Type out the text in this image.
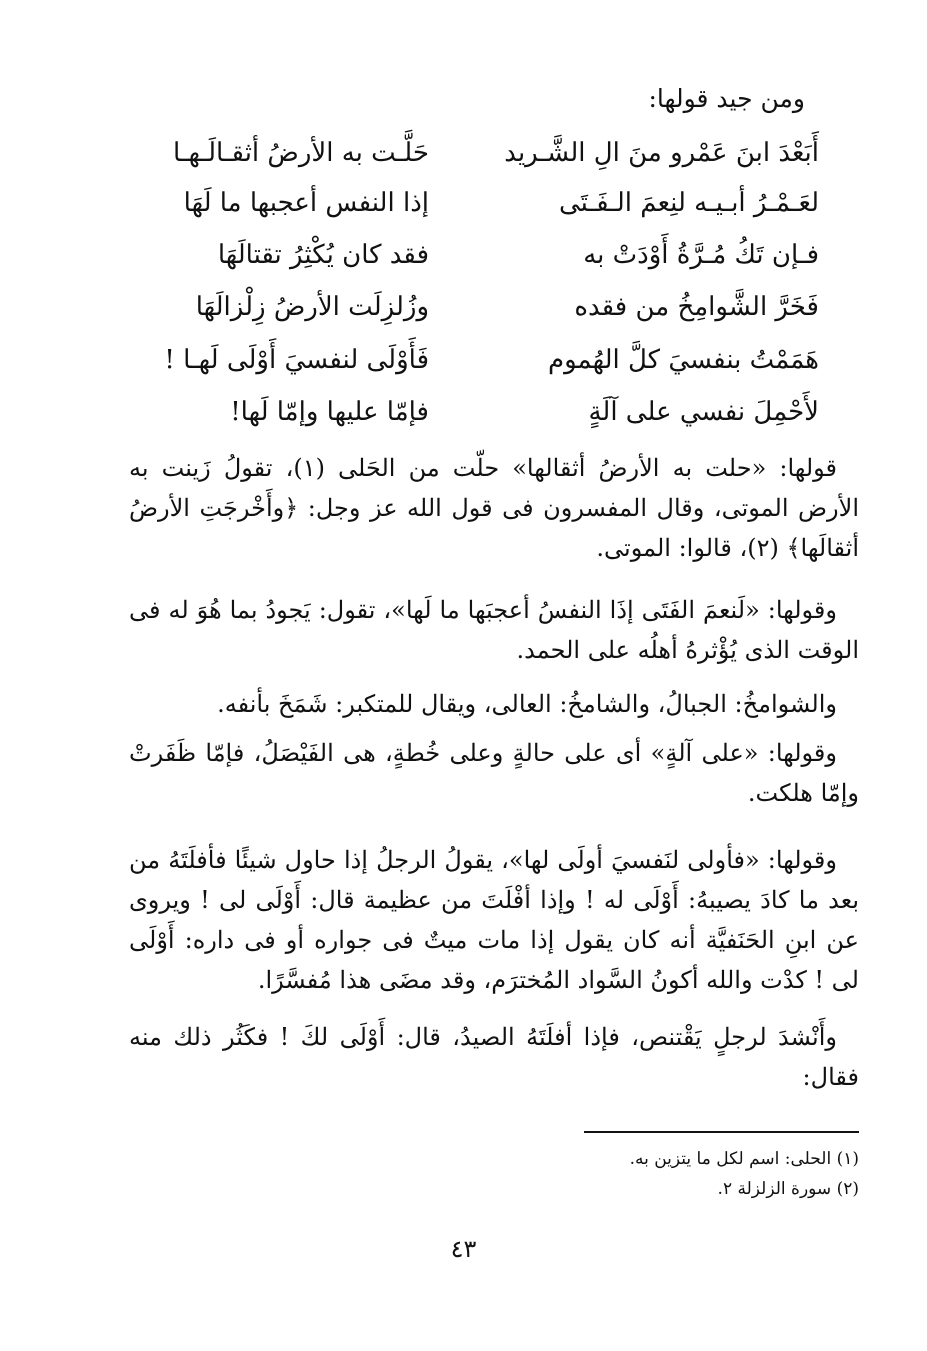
ومن جيد قولها:
أَبَعْدَ ابنَ عَمْرو منَ الِ الشَّـريد
حَلَّـت به الأرضُ أثقـالَـهـا
لعَـمْـرُ أبـيـه لنِعمَ الـفَـتَى
إذا النفس أعجبها ما لَهَا
فـإن تَكُ مُـرَّةُ أَوْدَتْ به
فقد كان يُكْثِرُ تقتالَهَا
فَخَرَّ الشَّوامِخُ من فقده
وزُلزِلَت الأرضُ زِلْزالَهَا
هَمَمْتُ بنفسيَ كلَّ الهُموم
فَأَوْلَى لنفسيَ أَوْلَى لَهـا !
لأَحْمِلَ نفسي على آلَةٍ
فإمّا عليها وإمّا لَها!
قولها: «حلت به الأرضُ أثقالها» حلّت من الحَلى (١)، تقولُ زَينت به الأرض الموتى، وقال المفسرون فى قول الله عز وجل: ﴿وأَخْرجَتِ الأرضُ أثقالَها﴾ (٢)، قالوا: الموتى.
وقولها: «لَنعمَ الفَتَى إذَا النفسُ أعجبَها ما لَها»، تقول: يَجودُ بما هُوَ له فى الوقت الذى يُؤْثرهُ أهلُه على الحمد.
والشوامخُ: الجبالُ، والشامخُ: العالى، ويقال للمتكبر: شَمَخَ بأنفه.
وقولها: «على آلةٍ» أى على حالةٍ وعلى خُطةٍ، هى الفَيْصَلُ، فإمّا ظَفَرتْ وإمّا هلكت.
وقولها: «فأولى لنَفسيَ أولَى لها»، يقولُ الرجلُ إذا حاول شيئًا فأفلَتَهُ من بعد ما كادَ يصيبهُ: أَوْلَى له ! وإذا أفْلَتَ من عظيمة قال: أَوْلَى لى ! ويروى عن ابنِ الحَنَفيَّة أنه كان يقول إذا مات ميتٌ فى جواره أو فى داره: أَوْلَى لى ! كدْت والله أكونُ السَّواد المُخترَم، وقد مضَى هذا مُفسَّرًا.
وأَنْشدَ لرجلٍ يَقْتنص، فإذا أفلَتَهُ الصيدُ، قال: أَوْلَى لكَ ! فكَثُر ذلك منه فقال:
(١) الحلى: اسم لكل ما يتزين به.
(٢) سورة الزلزلة ٢.
٤٣
